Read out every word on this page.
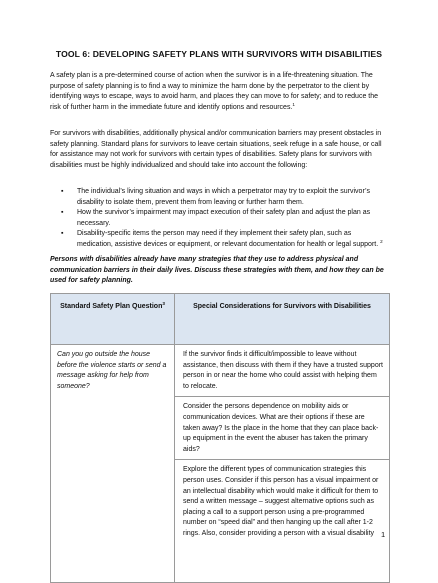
TOOL 6: DEVELOPING SAFETY PLANS WITH SURVIVORS WITH DISABILITIES
A safety plan is a pre-determined course of action when the survivor is in a life-threatening situation. The purpose of safety planning is to find a way to minimize the harm done by the perpetrator to the client by identifying ways to escape, ways to avoid harm, and places they can move to for safety; and to reduce the risk of further harm in the immediate future and identify options and resources.$^1$
For survivors with disabilities, additionally physical and/or communication barriers may present obstacles in safety planning. Standard plans for survivors to leave certain situations, seek refuge in a safe house, or call for assistance may not work for survivors with certain types of disabilities. Safety plans for survivors with disabilities must be highly individualized and should take into account the following:
▪ The individual’s living situation and ways in which a perpetrator may try to exploit the survivor’s disability to isolate them, prevent them from leaving or further harm them.
▪ How the survivor’s impairment may impact execution of their safety plan and adjust the plan as necessary.
▪ Disability-specific items the person may need if they implement their safety plan, such as medication, assistive devices or equipment, or relevant documentation for health or legal support. $^2$
Persons with disabilities already have many strategies that they use to address physical and communication barriers in their daily lives. Discuss these strategies with them, and how they can be used for safety planning.
Standard Safety Plan Question$^3$	Special Considerations for Survivors with Disabilities
Can you go outside the house before the violence starts or send a message asking for help from someone?	If the survivor finds it difficult/impossible to leave without assistance, then discuss with them if they have a trusted support person in or near the home who could assist with helping them to relocate.
Consider the persons dependence on mobility aids or communication devices. What are their options if these are taken away? Is the place in the home that they can place back-up equipment in the event the abuser has taken the primary aids?
Explore the different types of communication strategies this person uses. Consider if this person has a visual impairment or an intellectual disability which would make it difficult for them to send a written message – suggest alternative options such as placing a call to a support person using a pre-programmed number on “speed dial” and then hanging up the call after 1-2 rings. Also, consider providing a person with a visual disability 1
